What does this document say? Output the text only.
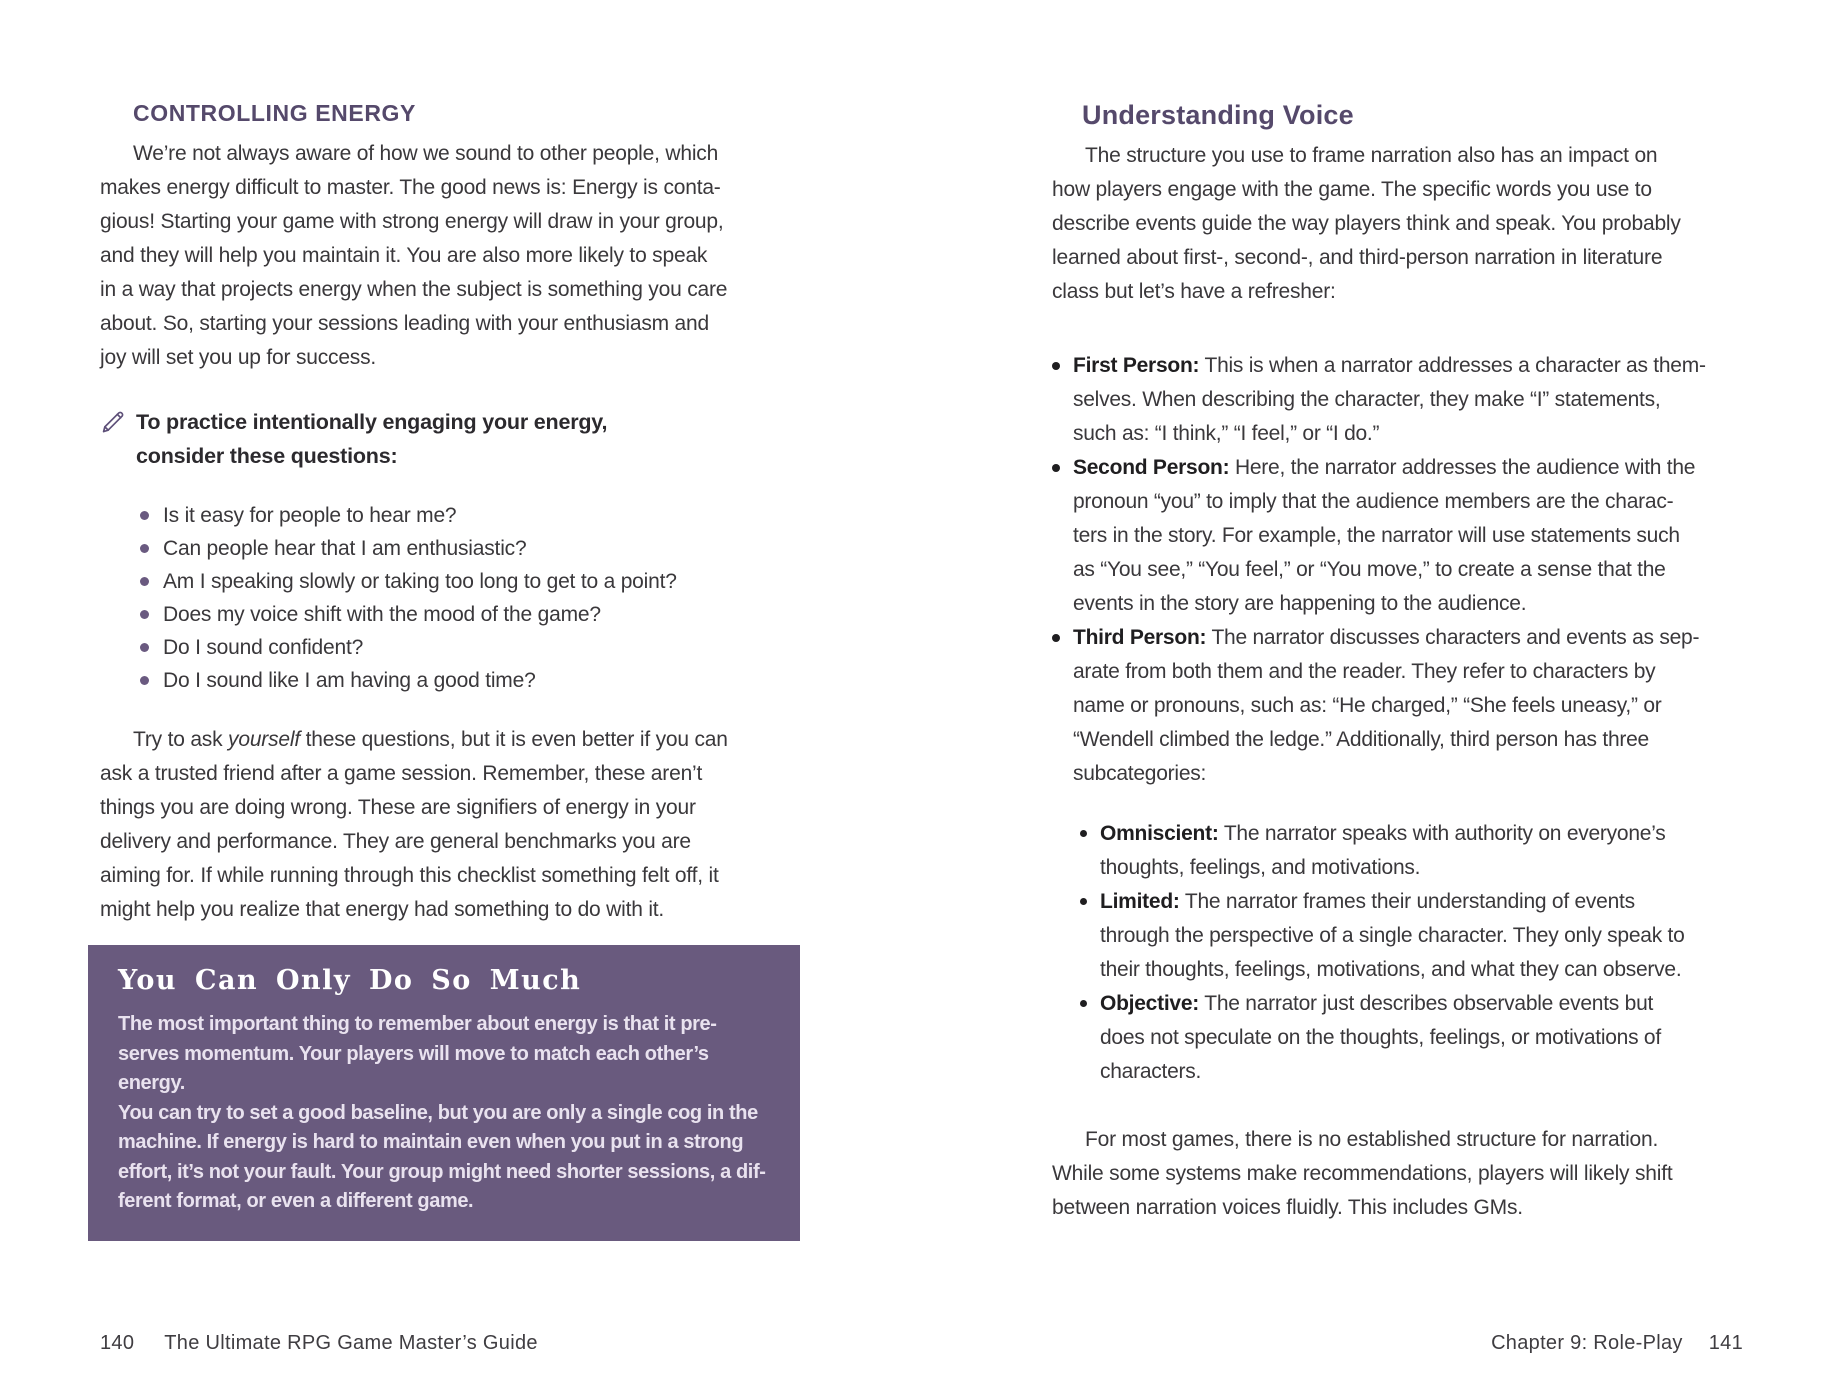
CONTROLLING ENERGY

We’re not always aware of how we sound to other people, which
makes energy difficult to master. The good news is: Energy is conta-
gious! Starting your game with strong energy will draw in your group,
and they will help you maintain it. You are also more likely to speak
in a way that projects energy when the subject is something you care
about. So, starting your sessions leading with your enthusiasm and
joy will set you up for success.

To practice intentionally engaging your energy,
consider these questions:

Is it easy for people to hear me?
Can people hear that I am enthusiastic?
Am I speaking slowly or taking too long to get to a point?
Does my voice shift with the mood of the game?
Do I sound confident?
Do I sound like I am having a good time?

Try to ask yourself these questions, but it is even better if you can
ask a trusted friend after a game session. Remember, these aren’t
things you are doing wrong. These are signifiers of energy in your
delivery and performance. They are general benchmarks you are
aiming for. If while running through this checklist something felt off, it
might help you realize that energy had something to do with it.

You Can Only Do So Much

The most important thing to remember about energy is that it pre-
serves momentum. Your players will move to match each other’s energy.
You can try to set a good baseline, but you are only a single cog in the
machine. If energy is hard to maintain even when you put in a strong
effort, it’s not your fault. Your group might need shorter sessions, a dif-
ferent format, or even a different game.

Understanding Voice

The structure you use to frame narration also has an impact on
how players engage with the game. The specific words you use to
describe events guide the way players think and speak. You probably
learned about first-, second-, and third-person narration in literature
class but let’s have a refresher:

First Person: This is when a narrator addresses a character as them-
selves. When describing the character, they make “I” statements,
such as: “I think,” “I feel,” or “I do.”
Second Person: Here, the narrator addresses the audience with the
pronoun “you” to imply that the audience members are the charac-
ters in the story. For example, the narrator will use statements such
as “You see,” “You feel,” or “You move,” to create a sense that the
events in the story are happening to the audience.
Third Person: The narrator discusses characters and events as sep-
arate from both them and the reader. They refer to characters by
name or pronouns, such as: “He charged,” “She feels uneasy,” or
“Wendell climbed the ledge.” Additionally, third person has three
subcategories:
Omniscient: The narrator speaks with authority on everyone’s
thoughts, feelings, and motivations.
Limited: The narrator frames their understanding of events
through the perspective of a single character. They only speak to
their thoughts, feelings, motivations, and what they can observe.
Objective: The narrator just describes observable events but
does not speculate on the thoughts, feelings, or motivations of
characters.

For most games, there is no established structure for narration.
While some systems make recommendations, players will likely shift
between narration voices fluidly. This includes GMs.

140 The Ultimate RPG Game Master’s Guide	Chapter 9: Role-Play 141
